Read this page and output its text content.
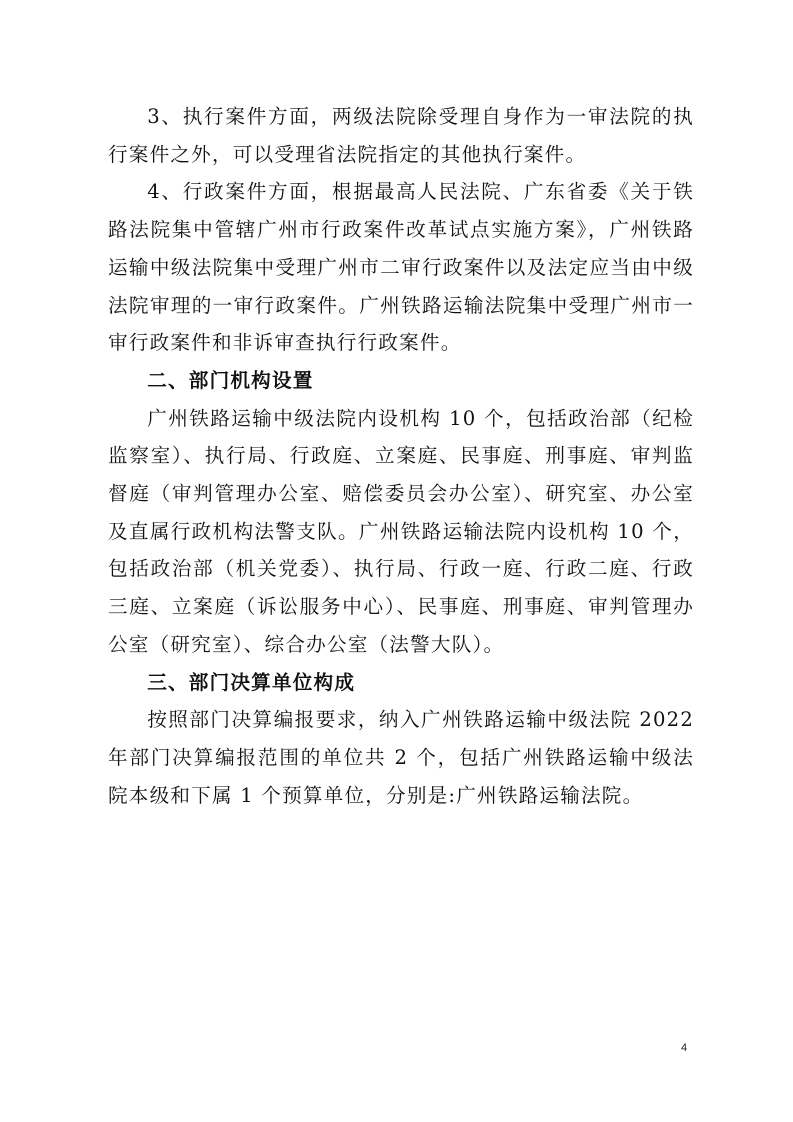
3、执行案件方面，两级法院除受理自身作为一审法院的执行案件之外，可以受理省法院指定的其他执行案件。

4、行政案件方面，根据最高人民法院、广东省委《关于铁路法院集中管辖广州市行政案件改革试点实施方案》，广州铁路运输中级法院集中受理广州市二审行政案件以及法定应当由中级法院审理的一审行政案件。广州铁路运输法院集中受理广州市一审行政案件和非诉审查执行行政案件。

二、部门机构设置

广州铁路运输中级法院内设机构 10 个，包括政治部（纪检监察室）、执行局、行政庭、立案庭、民事庭、刑事庭、审判监督庭（审判管理办公室、赔偿委员会办公室）、研究室、办公室及直属行政机构法警支队。广州铁路运输法院内设机构 10 个，包括政治部（机关党委）、执行局、行政一庭、行政二庭、行政三庭、立案庭（诉讼服务中心）、民事庭、刑事庭、审判管理办公室（研究室）、综合办公室（法警大队）。

三、部门决算单位构成

按照部门决算编报要求，纳入广州铁路运输中级法院 2022 年部门决算编报范围的单位共 2 个，包括广州铁路运输中级法院本级和下属 1 个预算单位，分别是:广州铁路运输法院。

4
